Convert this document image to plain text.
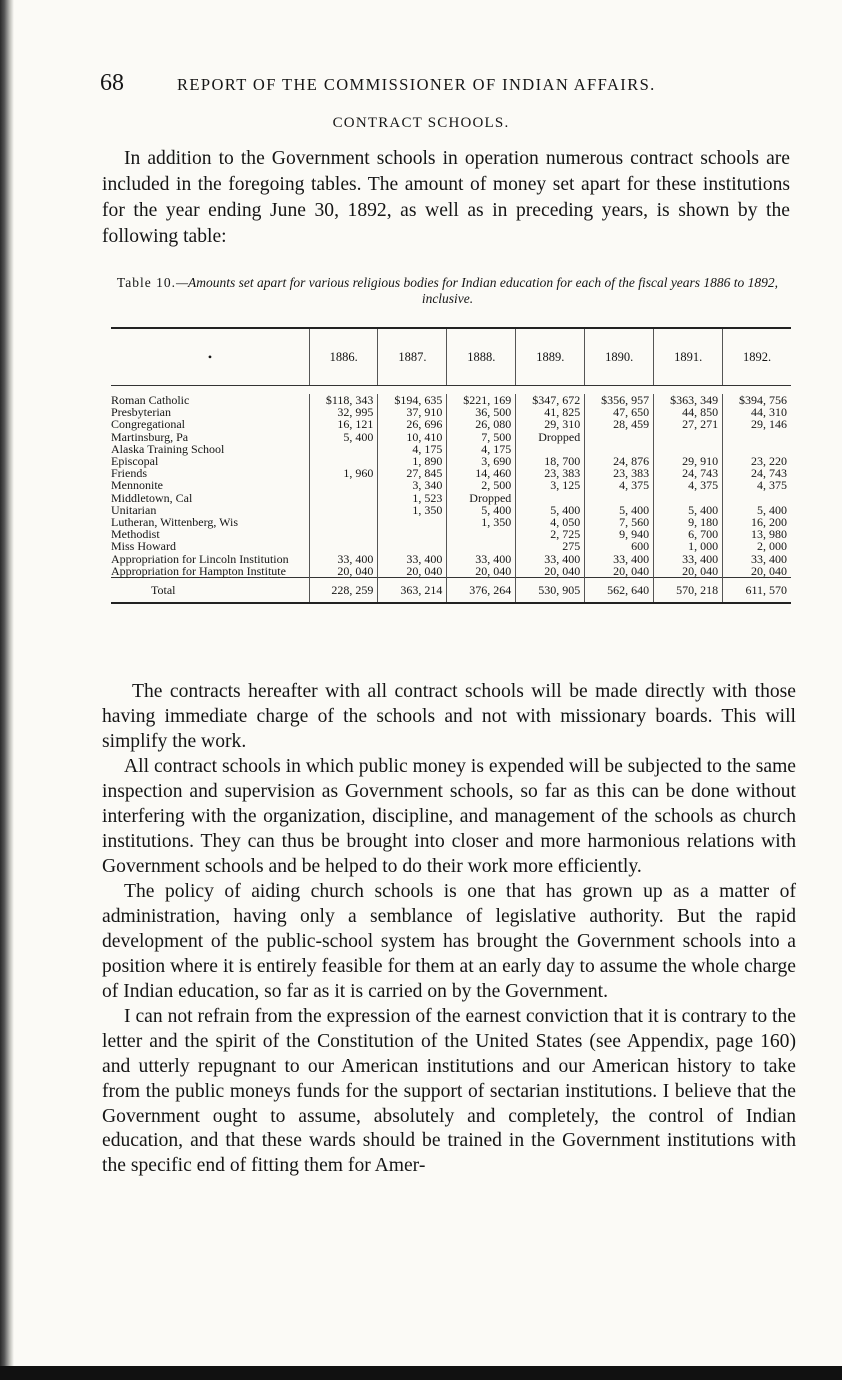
68	REPORT OF THE COMMISSIONER OF INDIAN AFFAIRS.
CONTRACT SCHOOLS.

In addition to the Government schools in operation numerous contract schools are included in the foregoing tables. The amount of money set apart for these institutions for the year ending June 30, 1892, as well as in preceding years, is shown by the following table:

Table 10.—Amounts set apart for various religious bodies for Indian education for each of the fiscal years 1886 to 1892, inclusive.
•	1886.	1887.	1888.	1889.	1890.	1891.	1892.

Roman Catholic	$118, 343	$194, 635	$221, 169	$347, 672	$356, 957	$363, 349	$394, 756
Presbyterian	32, 995	37, 910	36, 500	41, 825	47, 650	44, 850	44, 310
Congregational	16, 121	26, 696	26, 080	29, 310	28, 459	27, 271	29, 146
Martinsburg, Pa	5, 400	10, 410	7, 500	Dropped			
Alaska Training School		4, 175	4, 175				
Episcopal		1, 890	3, 690	18, 700	24, 876	29, 910	23, 220
Friends	1, 960	27, 845	14, 460	23, 383	23, 383	24, 743	24, 743
Mennonite		3, 340	2, 500	3, 125	4, 375	4, 375	4, 375
Middletown, Cal		1, 523	Dropped				
Unitarian		1, 350	5, 400	5, 400	5, 400	5, 400	5, 400
Lutheran, Wittenberg, Wis			1, 350	4, 050	7, 560	9, 180	16, 200
Methodist				2, 725	9, 940	6, 700	13, 980
Miss Howard				275	600	1, 000	2, 000
Appropriation for Lincoln Institution	33, 400	33, 400	33, 400	33, 400	33, 400	33, 400	33, 400
Appropriation for Hampton Institute	20, 040	20, 040	20, 040	20, 040	20, 040	20, 040	20, 040
Total	228, 259	363, 214	376, 264	530, 905	562, 640	570, 218	611, 570

The contracts hereafter with all contract schools will be made directly with those having immediate charge of the schools and not with missionary boards. This will simplify the work.

All contract schools in which public money is expended will be subjected to the same inspection and supervision as Government schools, so far as this can be done without interfering with the organization, discipline, and management of the schools as church institutions. They can thus be brought into closer and more harmonious relations with Government schools and be helped to do their work more efficiently.

The policy of aiding church schools is one that has grown up as a matter of administration, having only a semblance of legislative authority. But the rapid development of the public-school system has brought the Government schools into a position where it is entirely feasible for them at an early day to assume the whole charge of Indian education, so far as it is carried on by the Government.

I can not refrain from the expression of the earnest conviction that it is contrary to the letter and the spirit of the Constitution of the United States (see Appendix, page 160) and utterly repugnant to our American institutions and our American history to take from the public moneys funds for the support of sectarian institutions. I believe that the Government ought to assume, absolutely and completely, the control of Indian education, and that these wards should be trained in the Government institutions with the specific end of fitting them for Amer-
